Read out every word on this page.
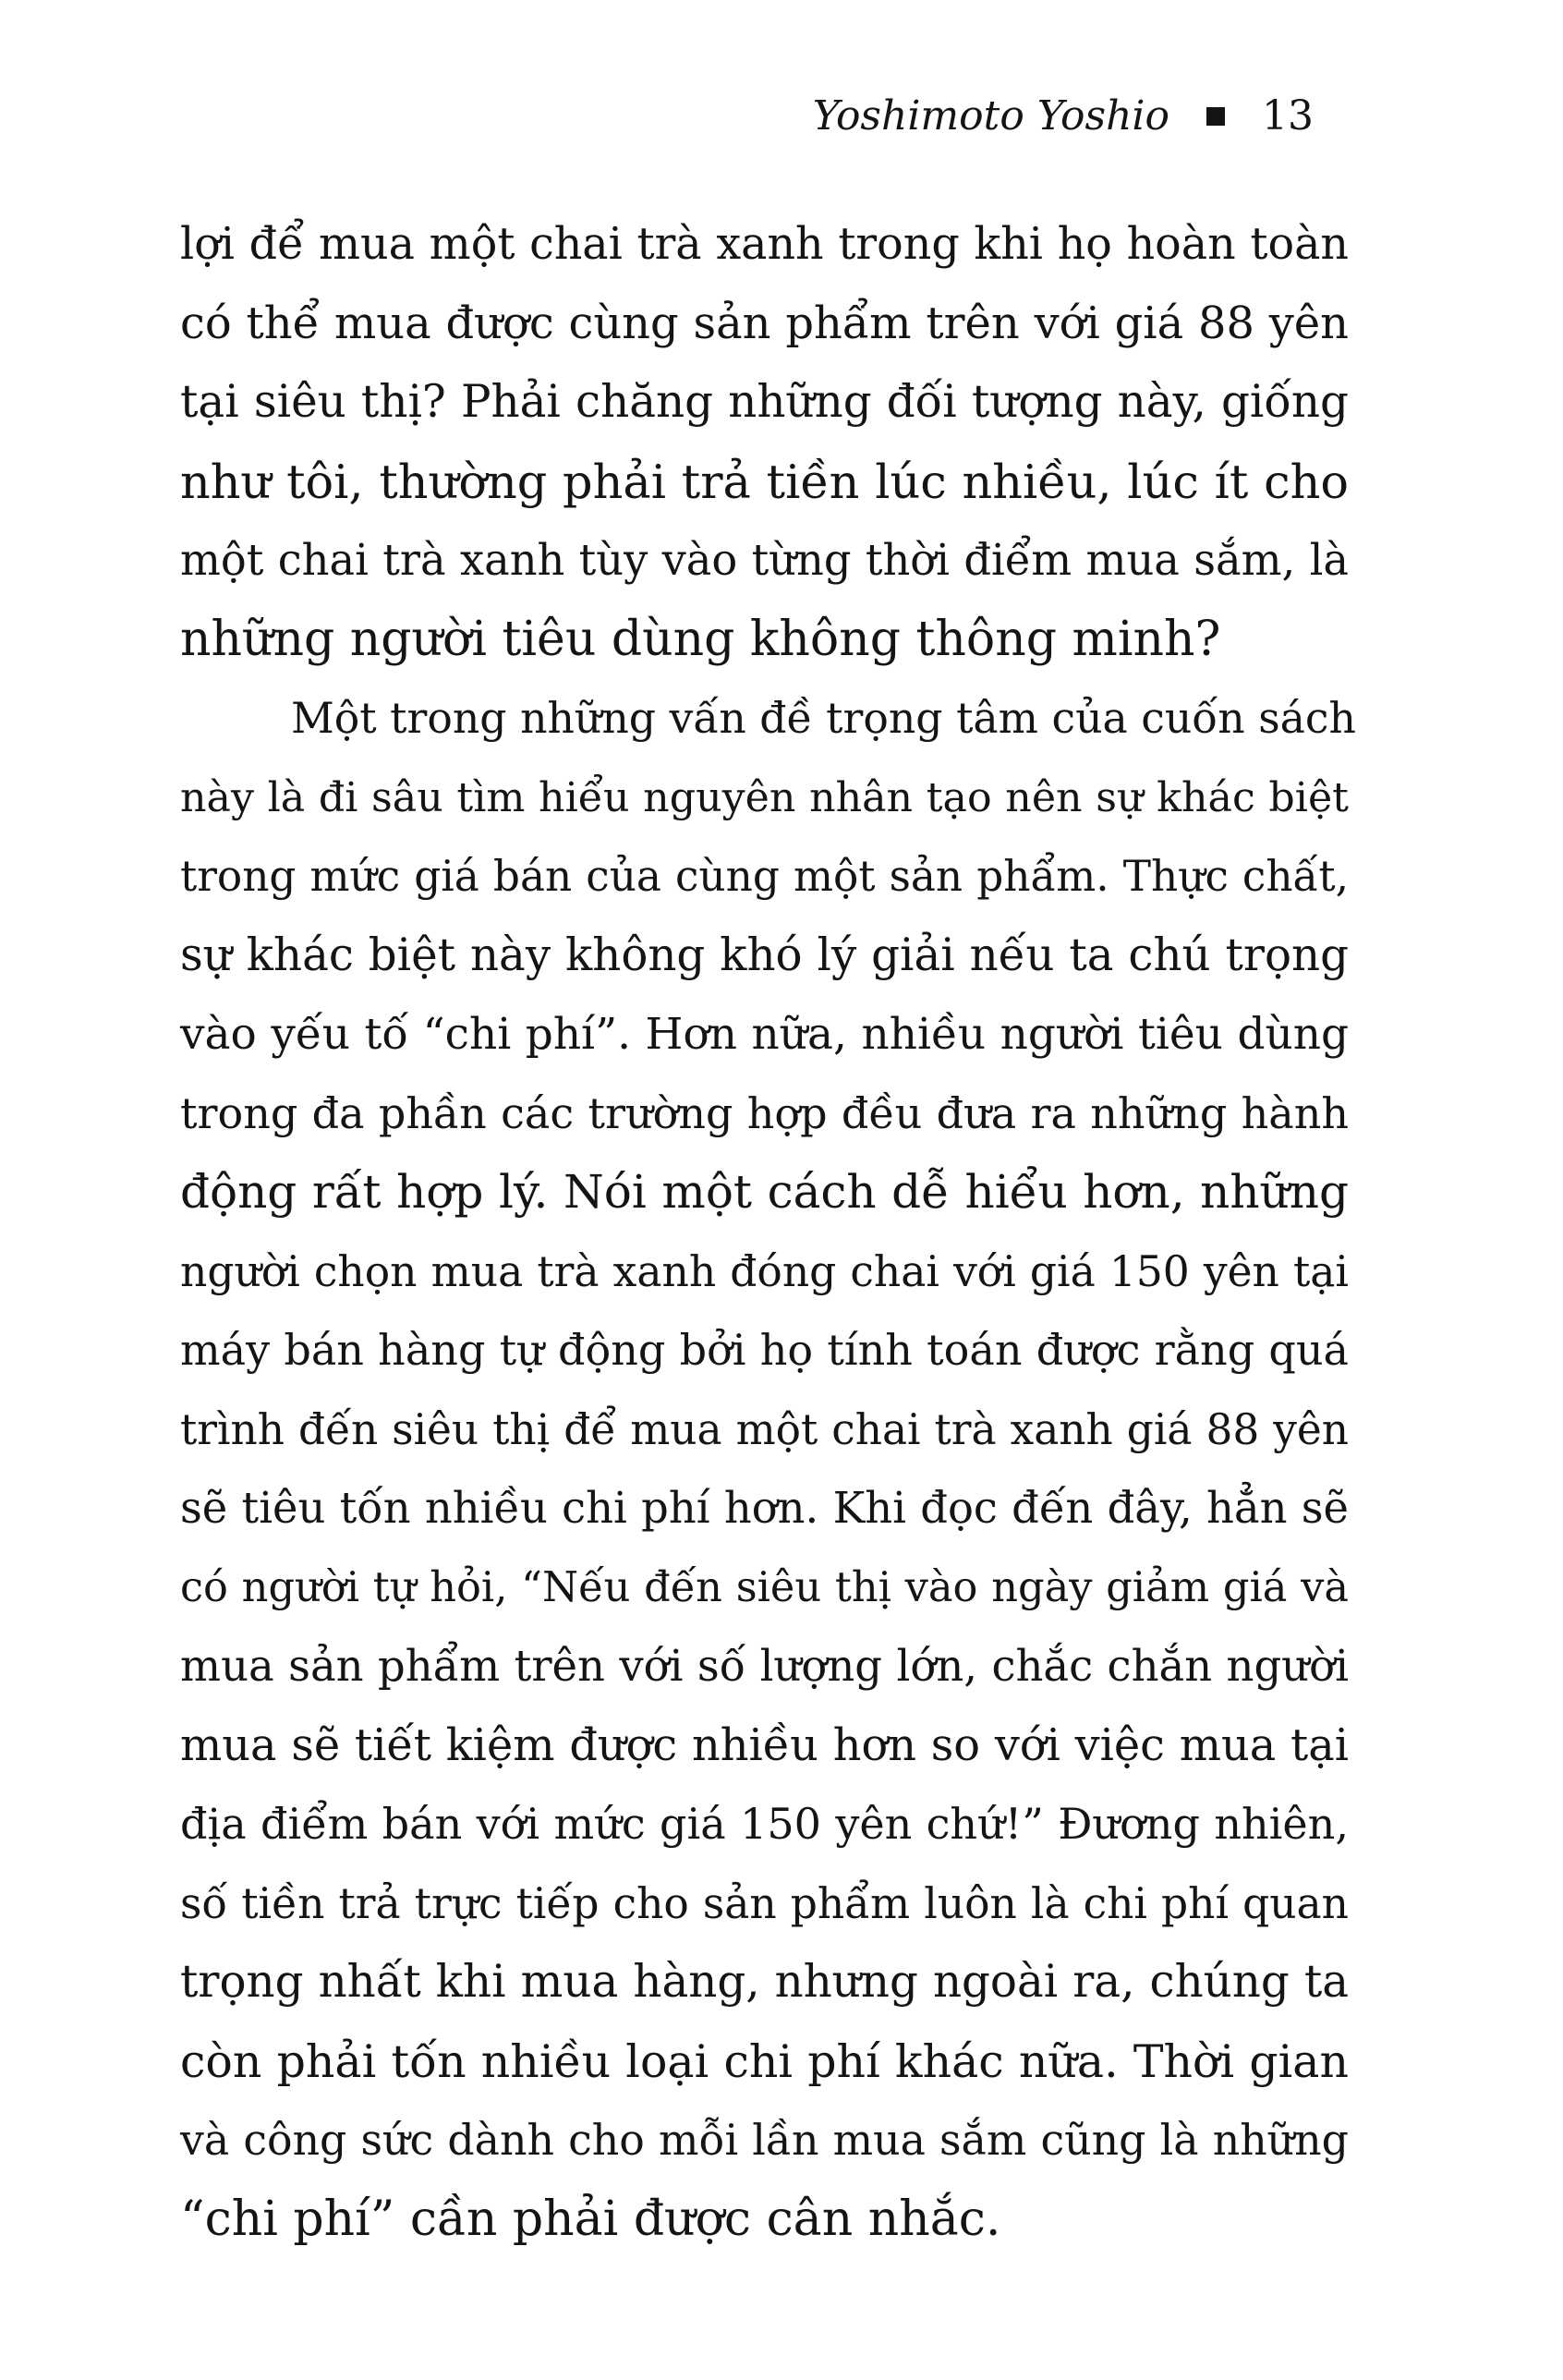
Yoshimoto Yoshio 13
lợi để mua một chai trà xanh trong khi họ hoàn toàn
có thể mua được cùng sản phẩm trên với giá 88 yên
tại siêu thị? Phải chăng những đối tượng này, giống
như tôi, thường phải trả tiền lúc nhiều, lúc ít cho
một chai trà xanh tùy vào từng thời điểm mua sắm, là
những người tiêu dùng không thông minh?
Một trong những vấn đề trọng tâm của cuốn sách
này là đi sâu tìm hiểu nguyên nhân tạo nên sự khác biệt
trong mức giá bán của cùng một sản phẩm. Thực chất,
sự khác biệt này không khó lý giải nếu ta chú trọng
vào yếu tố “chi phí”. Hơn nữa, nhiều người tiêu dùng
trong đa phần các trường hợp đều đưa ra những hành
động rất hợp lý. Nói một cách dễ hiểu hơn, những
người chọn mua trà xanh đóng chai với giá 150 yên tại
máy bán hàng tự động bởi họ tính toán được rằng quá
trình đến siêu thị để mua một chai trà xanh giá 88 yên
sẽ tiêu tốn nhiều chi phí hơn. Khi đọc đến đây, hẳn sẽ
có người tự hỏi, “Nếu đến siêu thị vào ngày giảm giá và
mua sản phẩm trên với số lượng lớn, chắc chắn người
mua sẽ tiết kiệm được nhiều hơn so với việc mua tại
địa điểm bán với mức giá 150 yên chứ!” Đương nhiên,
số tiền trả trực tiếp cho sản phẩm luôn là chi phí quan
trọng nhất khi mua hàng, nhưng ngoài ra, chúng ta
còn phải tốn nhiều loại chi phí khác nữa. Thời gian
và công sức dành cho mỗi lần mua sắm cũng là những
“chi phí” cần phải được cân nhắc.
